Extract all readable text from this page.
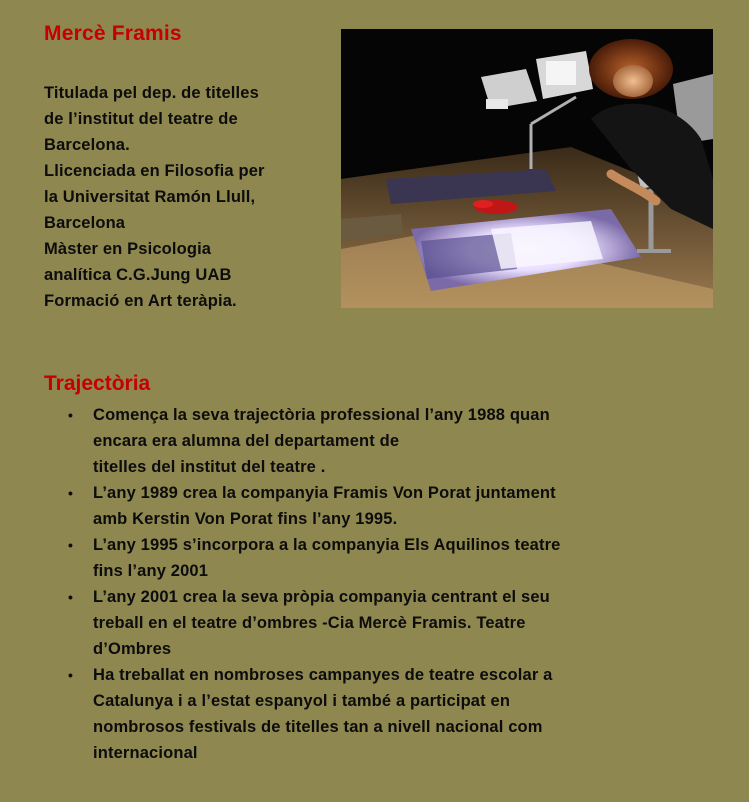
Mercè Framis
Titulada pel dep. de titelles
de l’institut del teatre de
Barcelona.
Llicenciada en Filosofia per
la Universitat Ramón Llull,
Barcelona
Màster en Psicologia
analítica C.G.Jung UAB
Formació en Art teràpia.
Trajectòria
• Comença la seva trajectòria professional l’any 1988 quan
encara era alumna del departament de
titelles del institut del teatre .
• L’any 1989 crea la companyia Framis Von Porat juntament
amb Kerstin Von Porat fins l’any 1995.
• L’any 1995 s’incorpora a la companyia Els Aquilinos teatre
fins l’any 2001
• L’any 2001 crea la seva pròpia companyia centrant el seu
treball en el teatre d’ombres -Cia Mercè Framis. Teatre
d’Ombres
• Ha treballat en nombroses campanyes de teatre escolar a
Catalunya i a l’estat espanyol i també a participat en
nombrosos festivals de titelles tan a nivell nacional com
internacional
